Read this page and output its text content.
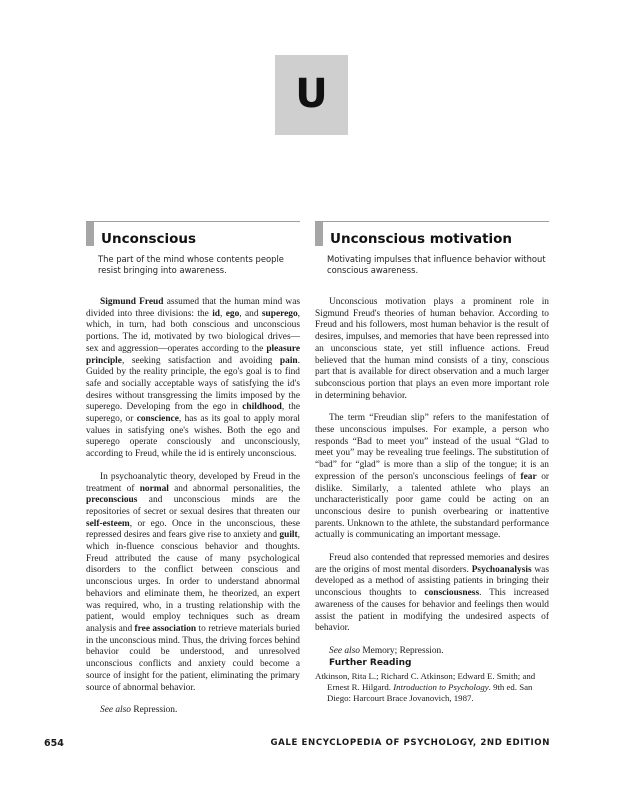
U
Unconscious
The part of the mind whose contents people resist bringing into awareness.

Sigmund Freud assumed that the human mind was divided into three divisions: the id, ego, and superego, which, in turn, had both conscious and unconscious portions. The id, motivated by two biological drives—sex and aggression—operates according to the pleasure principle, seeking satisfaction and avoiding pain. Guided by the reality principle, the ego's goal is to find safe and socially acceptable ways of satisfying the id's desires without transgressing the limits imposed by the superego. Developing from the ego in childhood, the superego, or conscience, has as its goal to apply moral values in satisfying one's wishes. Both the ego and superego operate consciously and unconsciously, according to Freud, while the id is entirely unconscious.

In psychoanalytic theory, developed by Freud in the treatment of normal and abnormal personalities, the preconscious and unconscious minds are the repositories of secret or sexual desires that threaten our self-esteem, or ego. Once in the unconscious, these repressed desires and fears give rise to anxiety and guilt, which in-fluence conscious behavior and thoughts. Freud attributed the cause of many psychological disorders to the conflict between conscious and unconscious urges. In order to understand abnormal behaviors and eliminate them, he theorized, an expert was required, who, in a trusting relationship with the patient, would employ techniques such as dream analysis and free association to retrieve materials buried in the unconscious mind. Thus, the driving forces behind behavior could be understood, and unresolved unconscious conflicts and anxiety could become a source of insight for the patient, eliminating the primary source of abnormal behavior.

See also Repression.

Unconscious motivation
Motivating impulses that influence behavior without conscious awareness.

Unconscious motivation plays a prominent role in Sigmund Freud's theories of human behavior. According to Freud and his followers, most human behavior is the result of desires, impulses, and memories that have been repressed into an unconscious state, yet still influence actions. Freud believed that the human mind consists of a tiny, conscious part that is available for direct observation and a much larger subconscious portion that plays an even more important role in determining behavior.

The term “Freudian slip” refers to the manifestation of these unconscious impulses. For example, a person who responds “Bad to meet you” instead of the usual “Glad to meet you” may be revealing true feelings. The substitution of “bad” for “glad” is more than a slip of the tongue; it is an expression of the person's unconscious feelings of fear or dislike. Similarly, a talented athlete who plays an uncharacteristically poor game could be acting on an unconscious desire to punish overbearing or inattentive parents. Unknown to the athlete, the substandard performance actually is communicating an important message.

Freud also contended that repressed memories and desires are the origins of most mental disorders. Psychoanalysis was developed as a method of assisting patients in bringing their unconscious thoughts to consciousness. This increased awareness of the causes for behavior and feelings then would assist the patient in modifying the undesired aspects of behavior.

See also Memory; Repression.

Further Reading

Atkinson, Rita L.; Richard C. Atkinson; Edward E. Smith; and Ernest R. Hilgard. Introduction to Psychology. 9th ed. San Diego: Harcourt Brace Jovanovich, 1987.

654	GALE ENCYCLOPEDIA OF PSYCHOLOGY, 2ND EDITION
